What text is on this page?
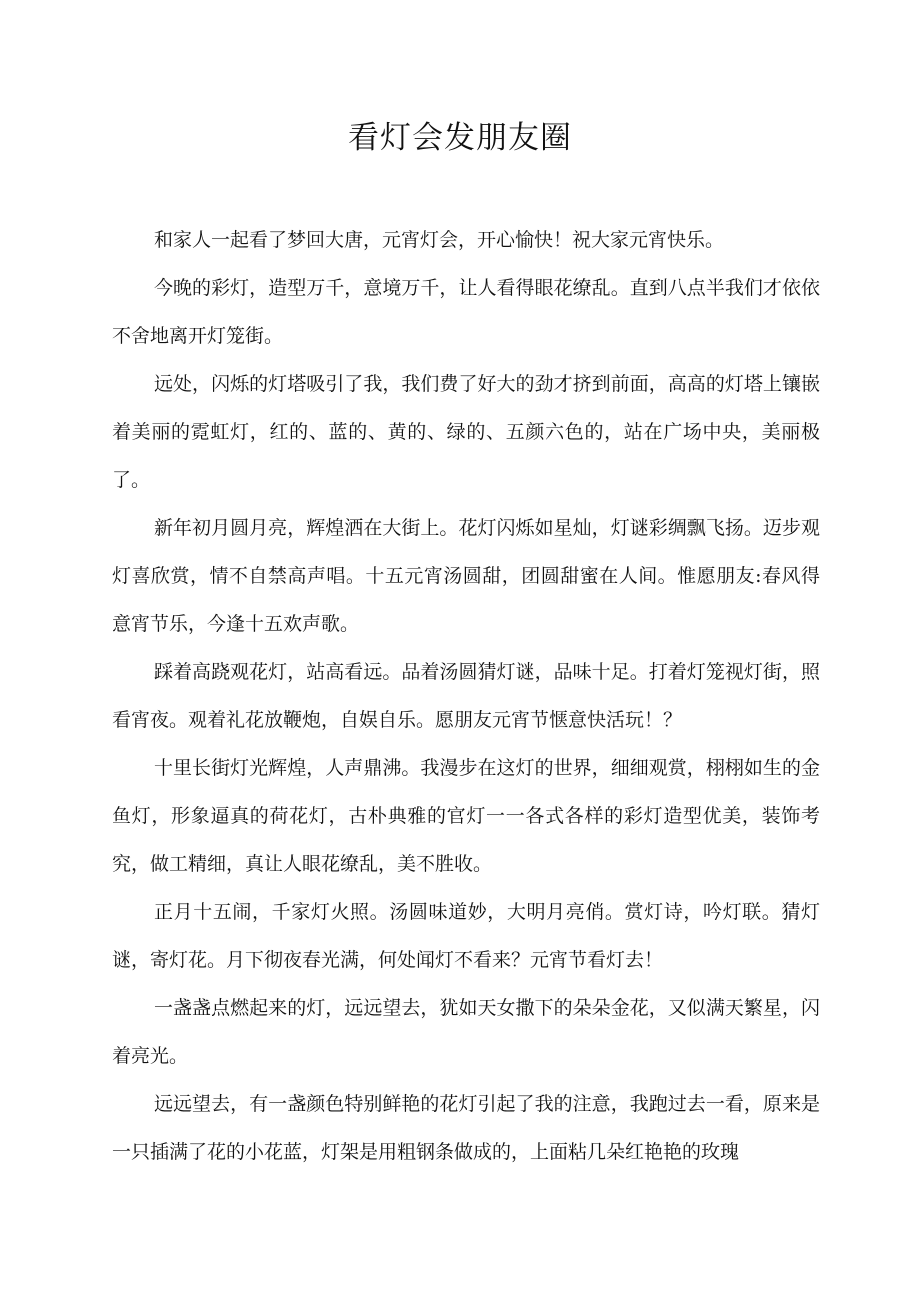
看灯会发朋友圈

和家人一起看了梦回大唐，元宵灯会，开心愉快！祝大家元宵快乐。

今晚的彩灯，造型万千，意境万千，让人看得眼花缭乱。直到八点半我们才依依不舍地离开灯笼街。

远处，闪烁的灯塔吸引了我，我们费了好大的劲才挤到前面，高高的灯塔上镶嵌着美丽的霓虹灯，红的、蓝的、黄的、绿的、五颜六色的，站在广场中央，美丽极了。

新年初月圆月亮，辉煌洒在大街上。花灯闪烁如星灿，灯谜彩绸飘飞扬。迈步观灯喜欣赏，情不自禁高声唱。十五元宵汤圆甜，团圆甜蜜在人间。惟愿朋友:春风得意宵节乐，今逢十五欢声歌。

踩着高跷观花灯，站高看远。品着汤圆猜灯谜，品味十足。打着灯笼视灯街，照看宵夜。观着礼花放鞭炮，自娱自乐。愿朋友元宵节惬意快活玩！？

十里长街灯光辉煌，人声鼎沸。我漫步在这灯的世界，细细观赏，栩栩如生的金鱼灯，形象逼真的荷花灯，古朴典雅的官灯一一各式各样的彩灯造型优美，装饰考究，做工精细，真让人眼花缭乱，美不胜收。

正月十五闹，千家灯火照。汤圆味道妙，大明月亮俏。赏灯诗，吟灯联。猜灯谜，寄灯花。月下彻夜春光满，何处闻灯不看来？元宵节看灯去！

一盏盏点燃起来的灯，远远望去，犹如天女撒下的朵朵金花，又似满天繁星，闪着亮光。

远远望去，有一盏颜色特别鲜艳的花灯引起了我的注意，我跑过去一看，原来是一只插满了花的小花蓝，灯架是用粗钢条做成的，上面粘几朵红艳艳的玫瑰
